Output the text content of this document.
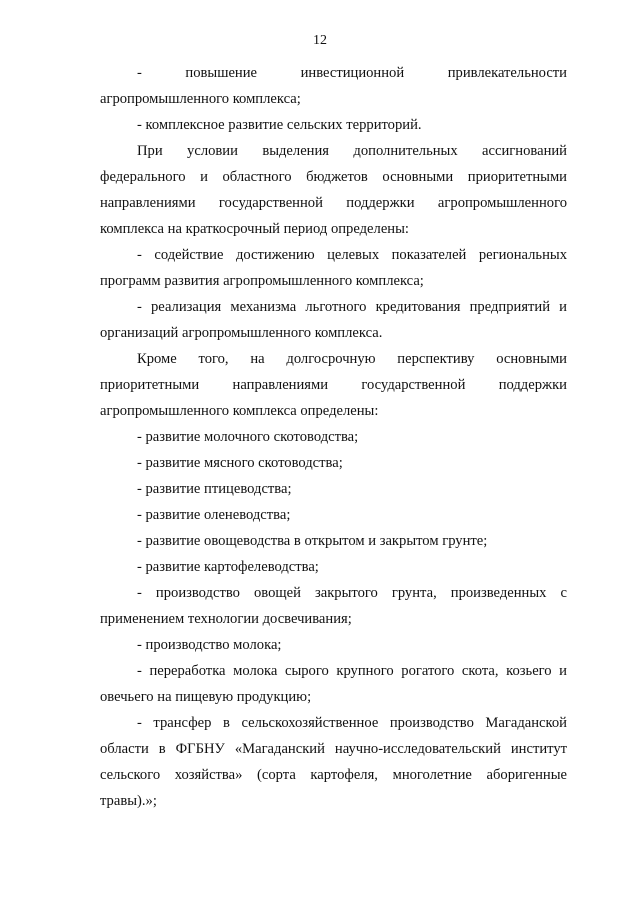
12

- повышение инвестиционной привлекательности агропромышленного комплекса;

- комплексное развитие сельских территорий.

При условии выделения дополнительных ассигнований федерального и областного бюджетов основными приоритетными направлениями государственной поддержки агропромышленного комплекса на краткосрочный период определены:

- содействие достижению целевых показателей региональных программ развития агропромышленного комплекса;

- реализация механизма льготного кредитования предприятий и организаций агропромышленного комплекса.

Кроме того, на долгосрочную перспективу основными приоритетными направлениями государственной поддержки агропромышленного комплекса определены:

- развитие молочного скотоводства;

- развитие мясного скотоводства;

- развитие птицеводства;

- развитие оленеводства;

- развитие овощеводства в открытом и закрытом грунте;

- развитие картофелеводства;

- производство овощей закрытого грунта, произведенных с применением технологии досвечивания;

- производство молока;

- переработка молока сырого крупного рогатого скота, козьего и овечьего на пищевую продукцию;

- трансфер в сельскохозяйственное производство Магаданской области в ФГБНУ «Магаданский научно-исследовательский институт сельского хозяйства» (сорта картофеля, многолетние аборигенные травы).»;
